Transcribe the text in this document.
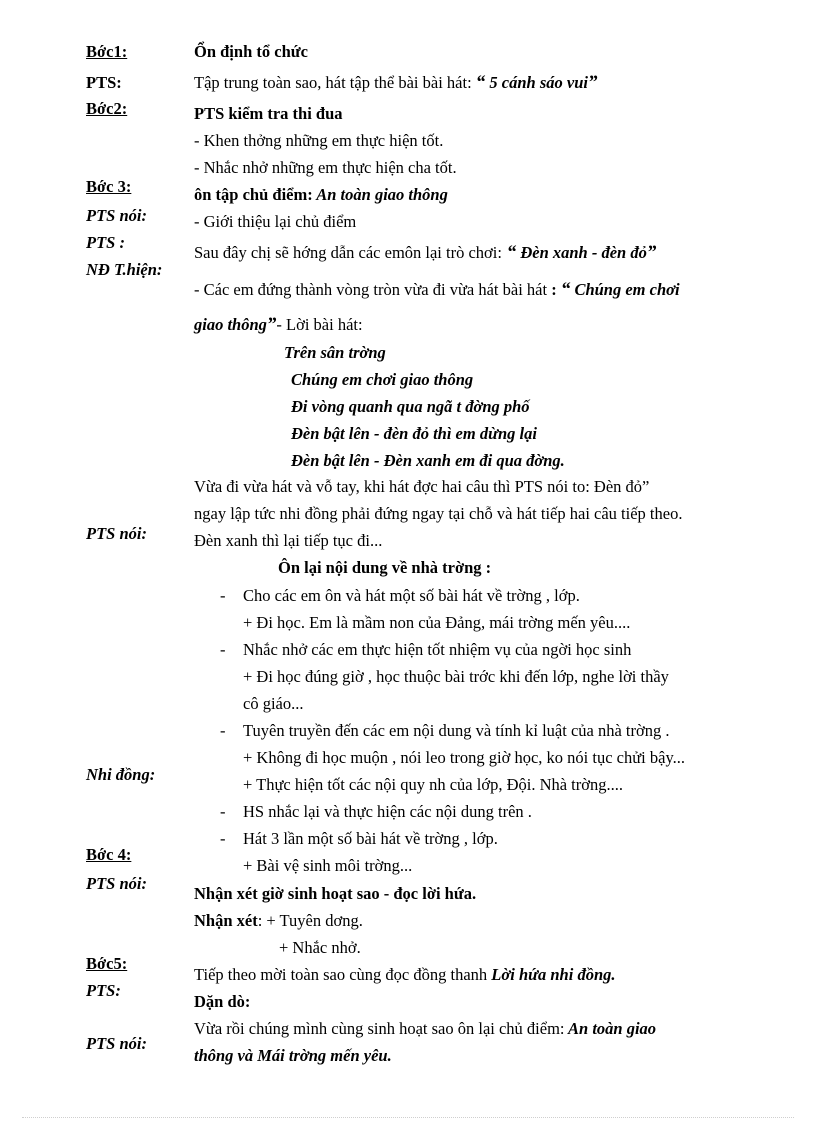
Bớc1:
PTS:
Bớc2:
Bớc 3:
PTS nói:
PTS :
NĐ T.hiện:
PTS nói:
Nhi đồng:
Bớc 4:
PTS nói:
Bớc5:
PTS:
PTS nói:
Ổn định tổ chức
Tập trung toàn sao, hát tập thể bài bài hát: “ 5 cánh sáo vui”
PTS kiểm tra thi đua
- Khen thởng những em thực hiện tốt.
- Nhắc nhở những em thực hiện cha tốt.
ôn tập chủ điểm: An toàn giao thông
- Giới thiệu lại chủ điểm
Sau đây chị sẽ hớng dẫn các emôn lại trò chơi: “ Đèn xanh - đèn đỏ”
- Các em đứng thành vòng tròn vừa đi vừa hát bài hát : “ Chúng em chơi
giao thông”- Lời bài hát:
Trên sân trờng
Chúng em chơi giao thông
Đi vòng quanh qua ngã t đờng phố
Đèn bật lên - đèn đỏ thì em dừng lại
Đèn bật lên - Đèn xanh em đi qua đờng.
Vừa đi vừa hát và vỗ tay, khi hát đợc hai câu thì PTS nói to: Đèn đỏ”
ngay lập tức nhi đồng phải đứng ngay tại chỗ và hát tiếp hai câu tiếp theo.
Đèn xanh thì lại tiếp tục đi...
Ôn lại nội dung về nhà trờng :
- Cho các em ôn và hát một số bài hát về trờng , lớp.
+ Đi học. Em là mầm non của Đảng, mái trờng mến yêu....
- Nhắc nhở các em thực hiện tốt nhiệm vụ của ngời học sinh
+ Đi học đúng giờ , học thuộc bài trớc khi đến lớp, nghe lời thầy
cô giáo...
- Tuyên truyền đến các em nội dung và tính kỉ luật của nhà trờng .
+ Không đi học muộn , nói leo trong giờ học, ko nói tục chửi bậy...
+ Thực hiện tốt các nội quy nh của lớp, Đội. Nhà trờng....
- HS nhắc lại và thực hiện các nội dung trên .
- Hát 3 lần một số bài hát về trờng , lớp.
+ Bài vệ sinh môi trờng...
Nhận xét giờ sinh hoạt sao - đọc lời hứa.
Nhận xét: + Tuyên dơng.
+ Nhắc nhở.
Tiếp theo mời toàn sao cùng đọc đồng thanh Lời hứa nhi đồng.
Dặn dò:
Vừa rồi chúng mình cùng sinh hoạt sao ôn lại chủ điểm: An toàn giao
thông và Mái trờng mến yêu.
